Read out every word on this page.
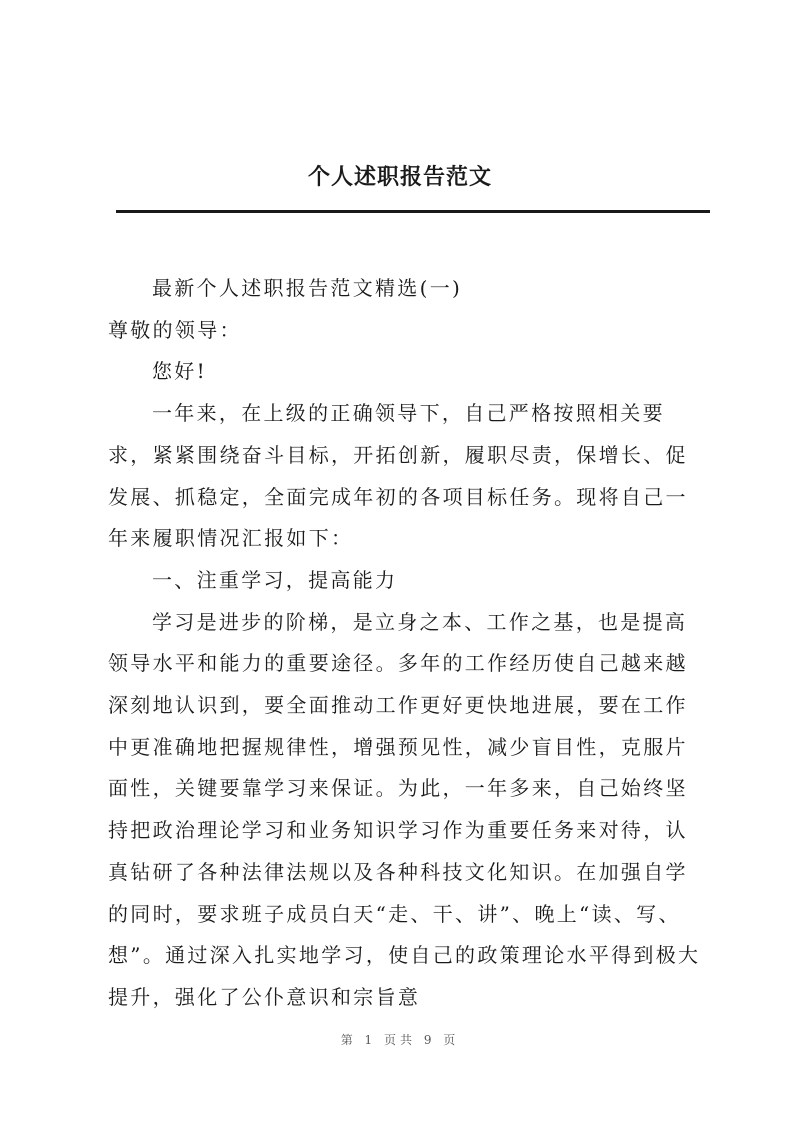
个人述职报告范文

最新个人述职报告范文精选(一)

尊敬的领导：

您好!

一年来，在上级的正确领导下，自己严格按照相关要求，紧紧围绕奋斗目标，开拓创新，履职尽责，保增长、促发展、抓稳定，全面完成年初的各项目标任务。现将自己一年来履职情况汇报如下：

一、注重学习，提高能力

学习是进步的阶梯，是立身之本、工作之基，也是提高领导水平和能力的重要途径。多年的工作经历使自己越来越深刻地认识到，要全面推动工作更好更快地进展，要在工作中更准确地把握规律性，增强预见性，减少盲目性，克服片面性，关键要靠学习来保证。为此，一年多来，自己始终坚持把政治理论学习和业务知识学习作为重要任务来对待，认真钻研了各种法律法规以及各种科技文化知识。在加强自学的同时，要求班子成员白天“走、干、讲”、晚上“读、写、想”。通过深入扎实地学习，使自己的政策理论水平得到极大提升，强化了公仆意识和宗旨意

第 1 页共 9 页
